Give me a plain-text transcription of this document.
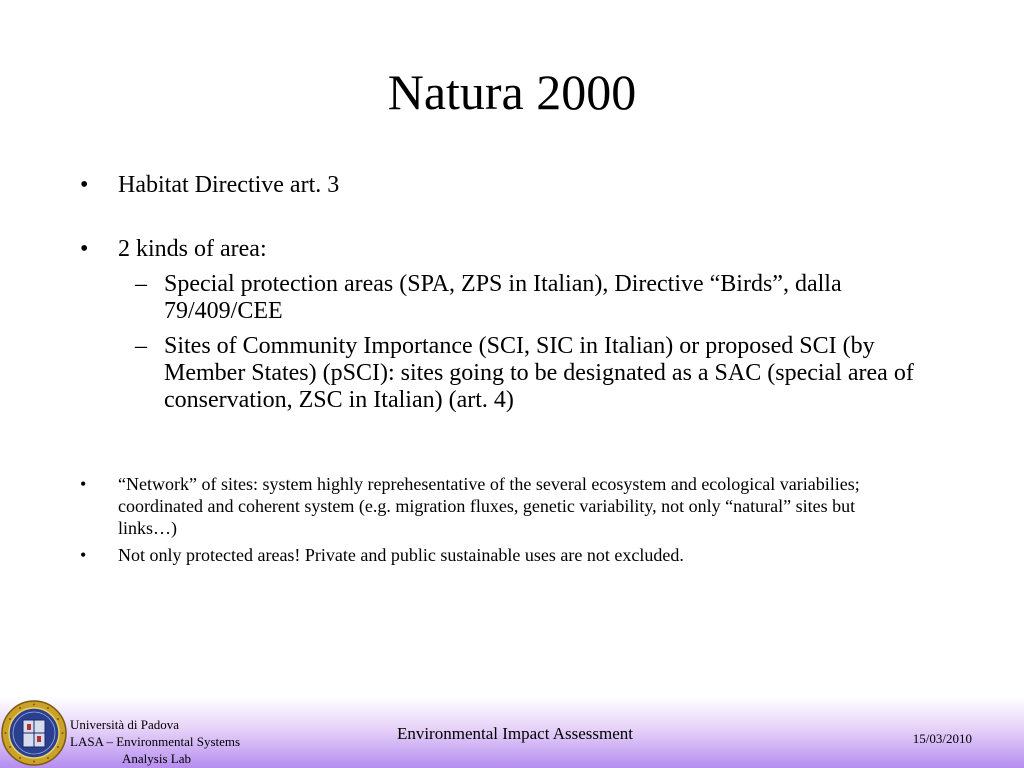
Natura 2000
• Habitat Directive art. 3
• 2 kinds of area:
– Special protection areas (SPA, ZPS in Italian), Directive “Birds”, dalla 79/409/CEE
– Sites of Community Importance (SCI, SIC in Italian) or proposed SCI (by Member States) (pSCI): sites going to be designated as a SAC (special area of conservation, ZSC in Italian) (art. 4)
• “Network” of sites: system highly reprehesentative of the several ecosystem and ecological variabilies; coordinated and coherent system (e.g. migration fluxes, genetic variability, not only “natural” sites but links…)
• Not only protected areas! Private and public sustainable uses are not excluded.
Università di Padova
LASA – Environmental Systems
Analysis Lab
Environmental Impact Assessment	15/03/2010
